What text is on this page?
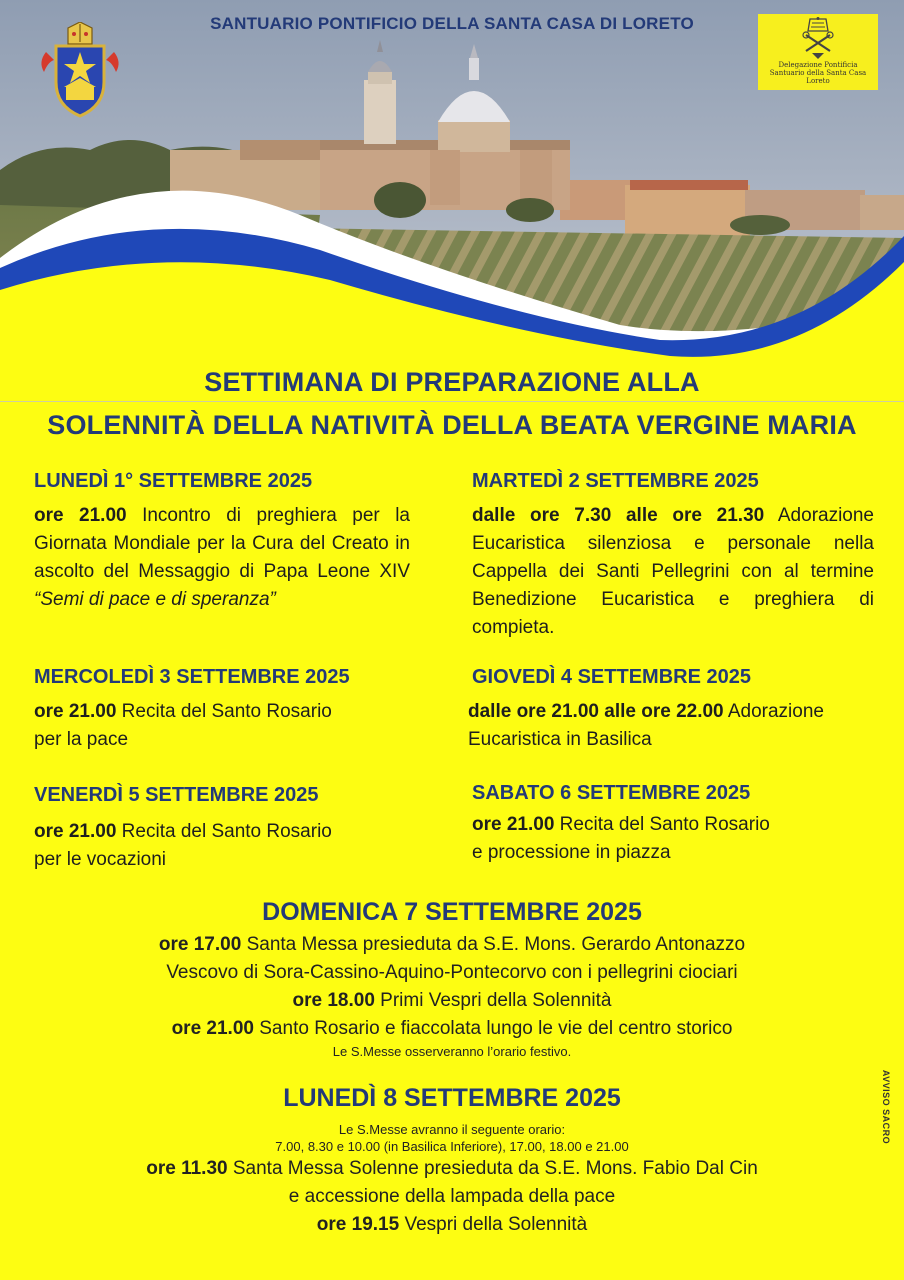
SANTUARIO PONTIFICIO DELLA SANTA CASA DI LORETO

Delegazione Pontificia

Santuario della Santa Casa

Loreto

SETTIMANA DI PREPARAZIONE ALLA
SOLENNITÀ DELLA NATIVITÀ DELLA BEATA VERGINE MARIA
LUNEDÌ 1° SETTEMBRE 2025
ore 21.00 Incontro di preghiera per la Giornata Mondiale per la Cura del Creato in ascolto del Messaggio di Papa Leone XIV “Semi di pace e di speranza”
MARTEDÌ 2 SETTEMBRE 2025
dalle ore 7.30 alle ore 21.30 Adorazione Eucaristica silenziosa e personale nella Cappella dei Santi Pellegrini con al termine Benedizione Eucaristica e preghiera di compieta.
MERCOLEDÌ 3 SETTEMBRE 2025
ore 21.00 Recita del Santo Rosario
per la pace
GIOVEDÌ 4 SETTEMBRE 2025
dalle ore 21.00 alle ore 22.00 Adorazione
Eucaristica in Basilica
VENERDÌ 5 SETTEMBRE 2025
ore 21.00 Recita del Santo Rosario
per le vocazioni
SABATO 6 SETTEMBRE 2025
ore 21.00 Recita del Santo Rosario
e processione in piazza
DOMENICA 7 SETTEMBRE 2025
ore 17.00 Santa Messa presieduta da S.E. Mons. Gerardo Antonazzo
Vescovo di Sora-Cassino-Aquino-Pontecorvo con i pellegrini ciociari
ore 18.00 Primi Vespri della Solennità
ore 21.00 Santo Rosario e fiaccolata lungo le vie del centro storico
Le S.Messe osserveranno l’orario festivo.
LUNEDÌ 8 SETTEMBRE 2025
Le S.Messe avranno il seguente orario:
7.00, 8.30 e 10.00 (in Basilica Inferiore), 17.00, 18.00 e 21.00
ore 11.30 Santa Messa Solenne presieduta da S.E. Mons. Fabio Dal Cin
e accessione della lampada della pace
ore 19.15 Vespri della Solennità
AVVISO SACRO
